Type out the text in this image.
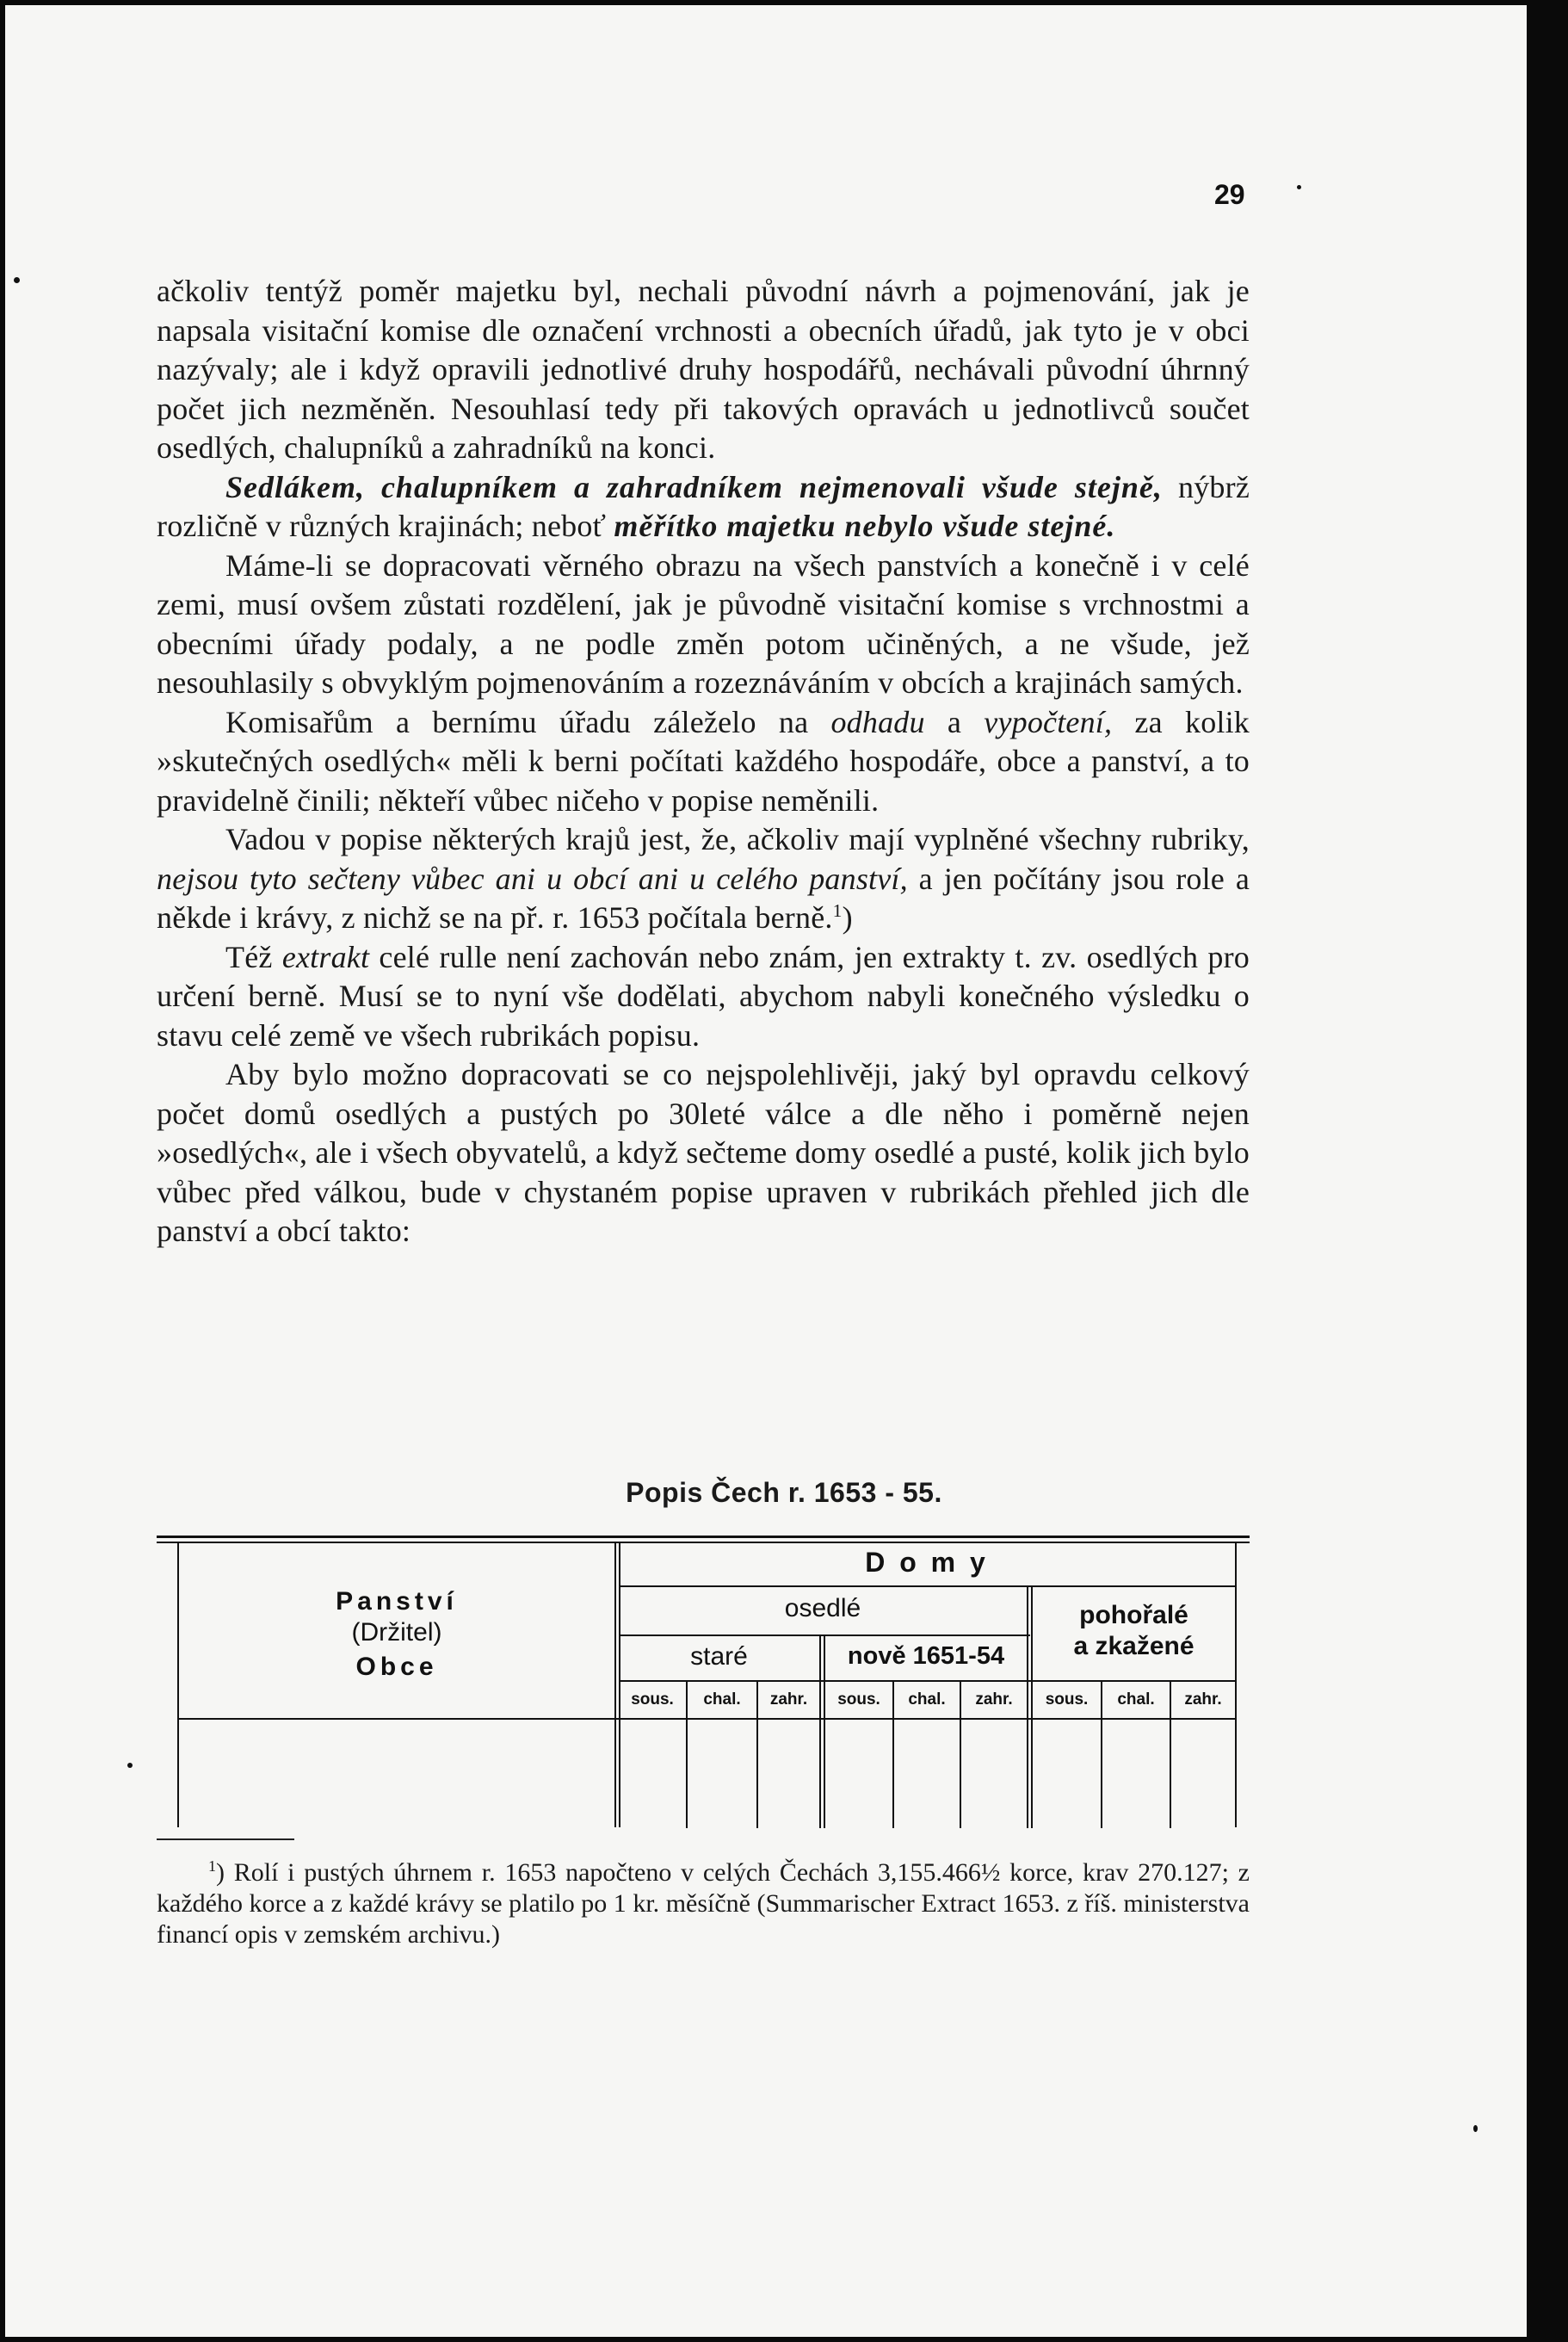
29

ačkoliv tentýž poměr majetku byl, nechali původní návrh a pojmenování, jak je napsala visitační komise dle označení vrchnosti a obecních úřadů, jak tyto je v obci nazývaly; ale i když opravili jednotlivé druhy hospodářů, nechávali původní úhrnný počet jich nezměněn. Nesouhlasí tedy při takových opravách u jednotlivců součet osedlých, chalupníků a zahradníků na konci.

Sedlákem, chalupníkem a zahradníkem nejmenovali všude stejně, nýbrž rozličně v různých krajinách; neboť měřítko majetku nebylo všude stejné.

Máme-li se dopracovati věrného obrazu na všech panstvích a konečně i v celé zemi, musí ovšem zůstati rozdělení, jak je původně visitační komise s vrchnostmi a obecními úřady podaly, a ne podle změn potom učiněných, a ne všude, jež nesouhlasily s obvyklým pojmenováním a rozeznáváním v obcích a krajinách samých.

Komisařům a bernímu úřadu záleželo na odhadu a vypočtení, za kolik »skutečných osedlých« měli k berni počítati každého hospodáře, obce a panství, a to pravidelně činili; někteří vůbec ničeho v popise neměnili.

Vadou v popise některých krajů jest, že, ačkoliv mají vyplněné všechny rubriky, nejsou tyto sečteny vůbec ani u obcí ani u celého panství, a jen počítány jsou role a někde i krávy, z nichž se na př. r. 1653 počítala berně.$^1$)

Též extrakt celé rulle není zachován nebo znám, jen extrakty t. zv. osedlých pro určení berně. Musí se to nyní vše dodělati, abychom nabyli konečného výsledku o stavu celé země ve všech rubrikách popisu.

Aby bylo možno dopracovati se co nejspolehlivěji, jaký byl opravdu celkový počet domů osedlých a pustých po 30leté válce a dle něho i poměrně nejen »osedlých«, ale i všech obyvatelů, a když sečteme domy osedlé a pusté, kolik jich bylo vůbec před válkou, bude v chystaném popise upraven v rubrikách přehled jich dle panství a obcí takto:

Popis Čech r. 1653 - 55.
Panství
(Držitel)
Obce
D o m y
osedlé
staré	nově 1651-54
pohořalé
a zkažené
sous.	chal.	zahr.	sous.	chal.	zahr.	sous.	chal.	zahr.
$^1$) Rolí i pustých úhrnem r. 1653 napočteno v celých Čechách 3,155.466½ korce, krav 270.127; z každého korce a z každé krávy se platilo po 1 kr. měsíčně (Summarischer Extract 1653. z říš. ministerstva financí opis v zemském archivu.)
